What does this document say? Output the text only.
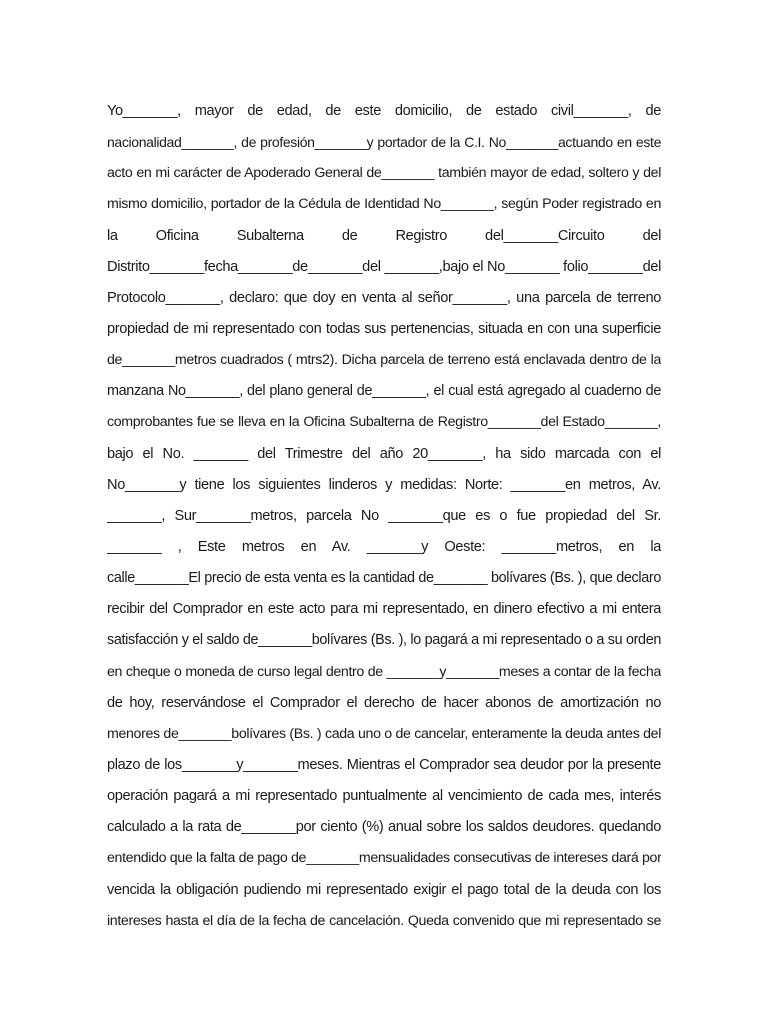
Yo_______, mayor de edad, de este domicilio, de estado civil_______, de
nacionalidad_______, de profesión_______y portador de la C.I. No_______actuando en este
acto en mi carácter de Apoderado General de_______ también mayor de edad, soltero y del
mismo domicilio, portador de la Cédula de Identidad No_______, según Poder registrado en
la Oficina Subalterna de Registro del_______Circuito del
Distrito_______fecha_______de_______del _______,bajo el No_______ folio_______del
Protocolo_______, declaro: que doy en venta al señor_______, una parcela de terreno
propiedad de mi representado con todas sus pertenencias, situada en con una superficie
de_______metros cuadrados ( mtrs2). Dicha parcela de terreno está enclavada dentro de la
manzana No_______, del plano general de_______, el cual está agregado al cuaderno de
comprobantes fue se lleva en la Oficina Subalterna de Registro_______del Estado_______,
bajo el No. _______ del Trimestre del año 20_______, ha sido marcada con el
No_______y tiene los siguientes linderos y medidas: Norte: _______en metros, Av.
_______, Sur_______metros, parcela No _______que es o fue propiedad del Sr.
_______ , Este metros en Av. _______y Oeste: _______metros, en la
calle_______El precio de esta venta es la cantidad de_______ bolívares (Bs. ), que declaro
recibir del Comprador en este acto para mi representado, en dinero efectivo a mi entera
satisfacción y el saldo de_______bolívares (Bs. ), lo pagará a mi representado o a su orden
en cheque o moneda de curso legal dentro de _______y_______meses a contar de la fecha
de hoy, reservándose el Comprador el derecho de hacer abonos de amortización no
menores de_______bolívares (Bs. ) cada uno o de cancelar, enteramente la deuda antes del
plazo de los_______y_______meses. Mientras el Comprador sea deudor por la presente
operación pagará a mi representado puntualmente al vencimiento de cada mes, interés
calculado a la rata de_______por ciento (%) anual sobre los saldos deudores. quedando
entendido que la falta de pago de_______mensualidades consecutivas de intereses dará por
vencida la obligación pudiendo mi representado exigir el pago total de la deuda con los
intereses hasta el día de la fecha de cancelación. Queda convenido que mi representado se
